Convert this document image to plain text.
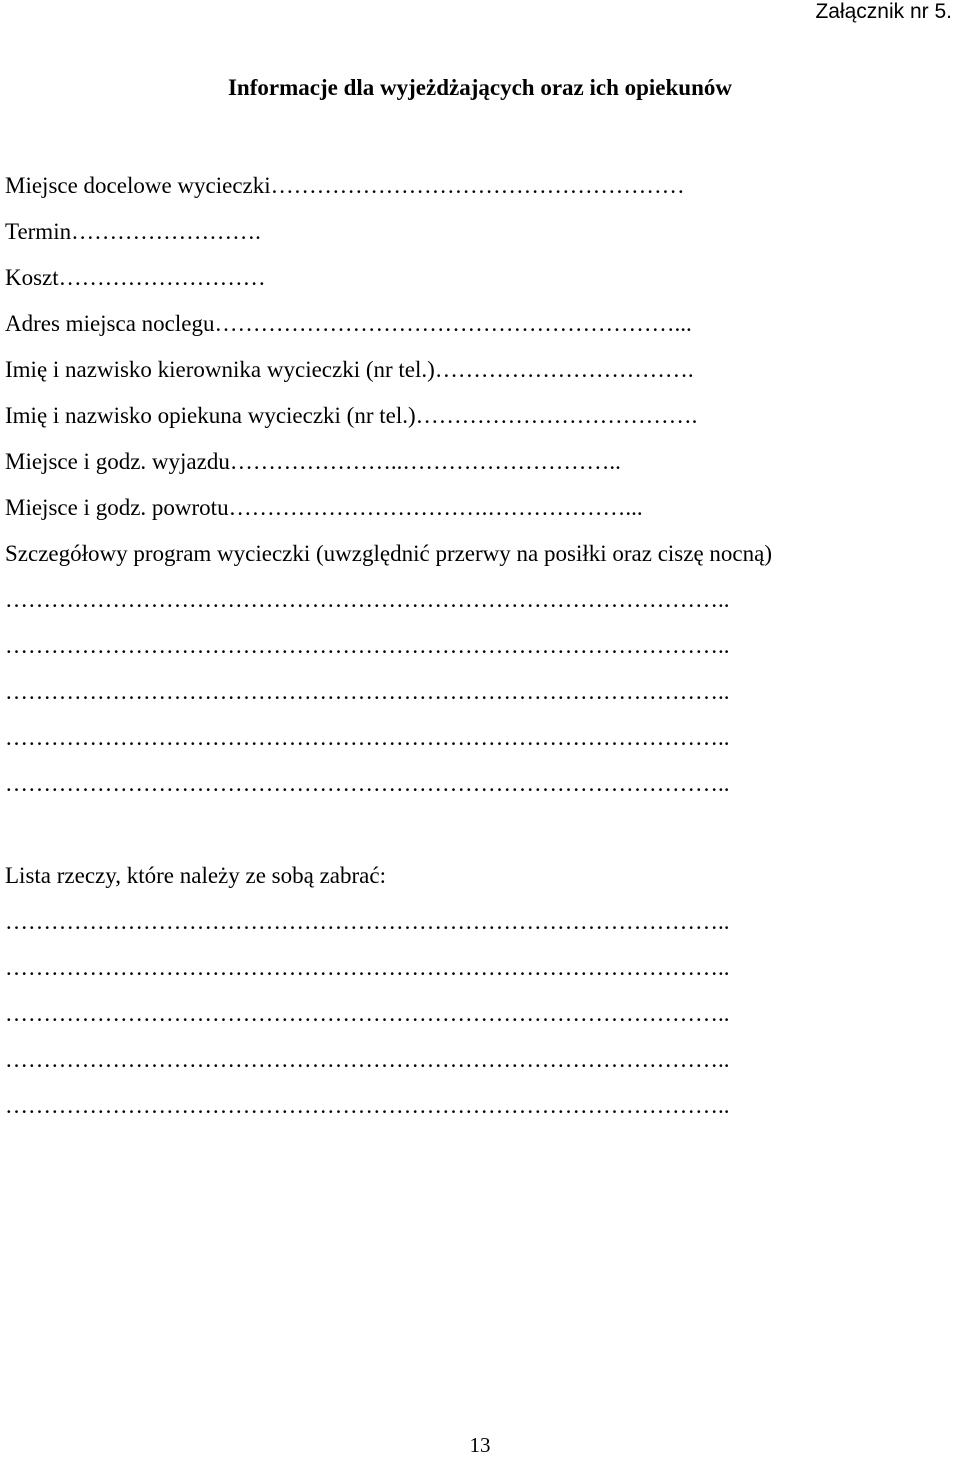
Załącznik nr 5.
Informacje dla wyjeżdżających oraz ich opiekunów
Miejsce docelowe wycieczki………………………………………………
Termin…………………….
Koszt………………………
Adres miejsca noclegu……………………………………………………...
Imię i nazwisko kierownika wycieczki (nr tel.)…………………………….
Imię i nazwisko opiekuna wycieczki (nr tel.)……………………………….
Miejsce i godz. wyjazdu…………………..………………………..
Miejsce i godz. powrotu…………………………….………………...
Szczegółowy program wycieczki (uwzględnić przerwy na posiłki oraz ciszę nocną)
…………………………………………………………………………………..
…………………………………………………………………………………..
…………………………………………………………………………………..
…………………………………………………………………………………..
…………………………………………………………………………………..
Lista rzeczy, które należy ze sobą zabrać:
…………………………………………………………………………………..
…………………………………………………………………………………..
…………………………………………………………………………………..
…………………………………………………………………………………..
…………………………………………………………………………………..
13
